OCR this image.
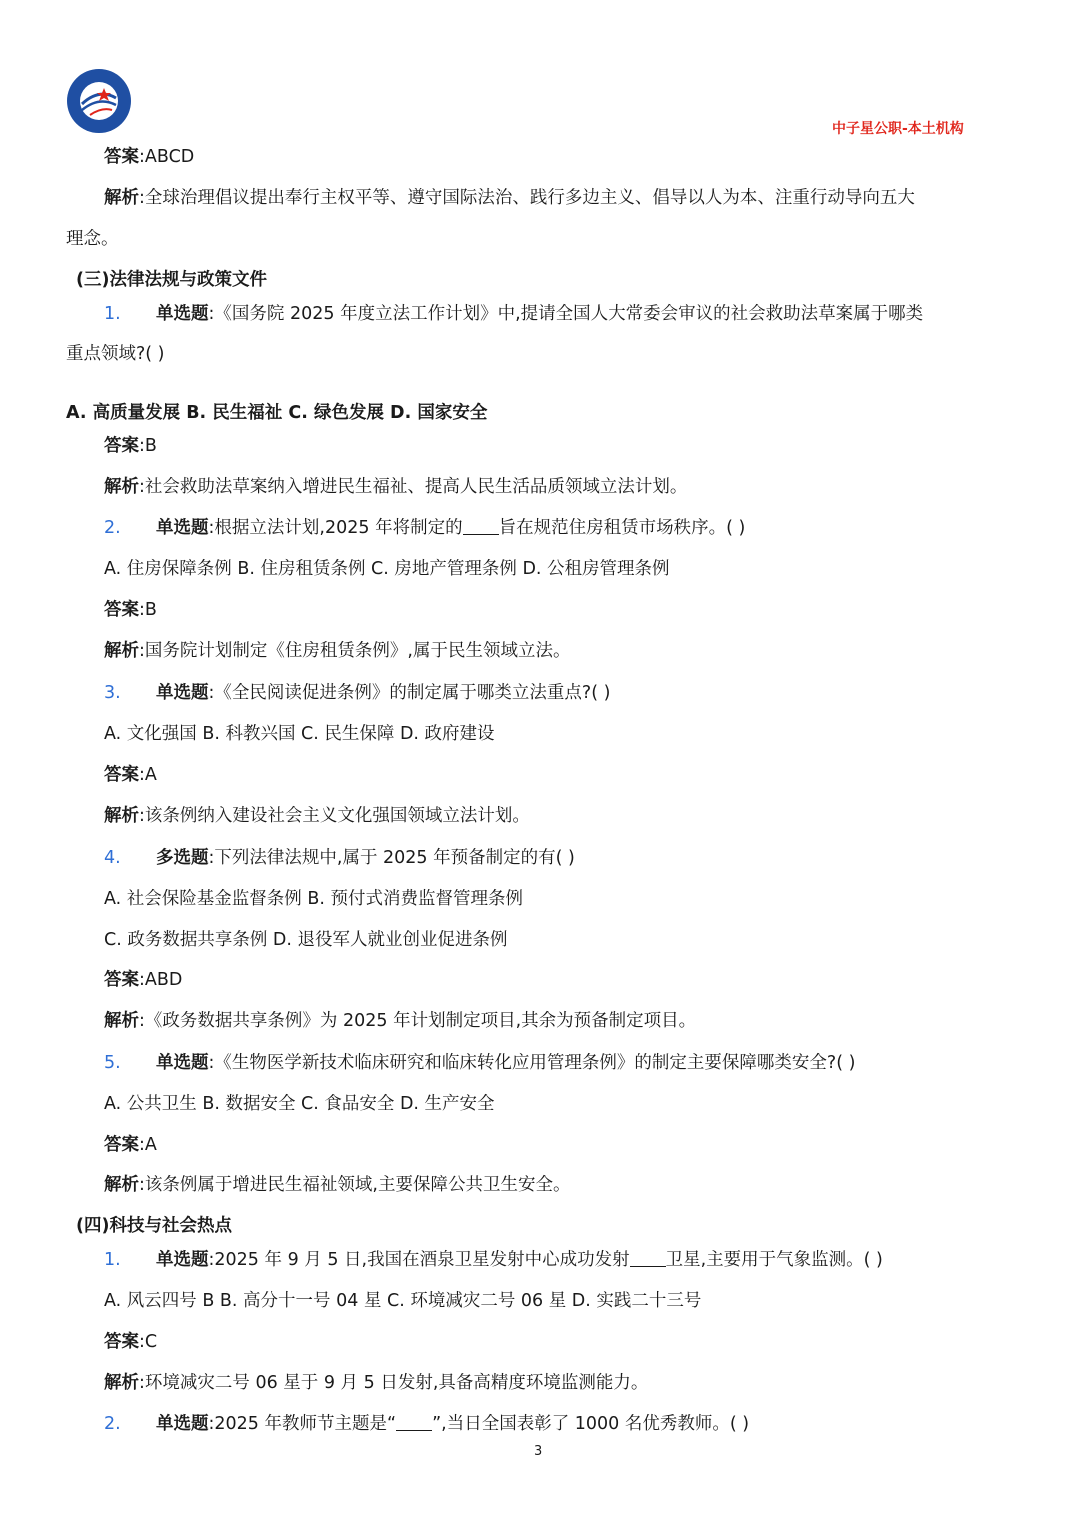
中子星公职-本土机构
答案:ABCD
解析:全球治理倡议提出奉行主权平等、遵守国际法治、践行多边主义、倡导以人为本、注重行动导向五大
理念。
(三)法律法规与政策文件
1. 单选题:《国务院 2025 年度立法工作计划》中,提请全国人大常委会审议的社会救助法草案属于哪类
重点领域?( )
A. 高质量发展 B. 民生福祉 C. 绿色发展 D. 国家安全
答案:B
解析:社会救助法草案纳入增进民生福祉、提高人民生活品质领域立法计划。
2. 单选题:根据立法计划,2025 年将制定的 旨在规范住房租赁市场秩序。( )
A. 住房保障条例 B. 住房租赁条例 C. 房地产管理条例 D. 公租房管理条例
答案:B
解析:国务院计划制定《住房租赁条例》,属于民生领域立法。
3. 单选题:《全民阅读促进条例》的制定属于哪类立法重点?( )
A. 文化强国 B. 科教兴国 C. 民生保障 D. 政府建设
答案:A
解析:该条例纳入建设社会主义文化强国领域立法计划。
4. 多选题:下列法律法规中,属于 2025 年预备制定的有( )
A. 社会保险基金监督条例 B. 预付式消费监督管理条例
C. 政务数据共享条例 D. 退役军人就业创业促进条例
答案:ABD
解析:《政务数据共享条例》为 2025 年计划制定项目,其余为预备制定项目。
5. 单选题:《生物医学新技术临床研究和临床转化应用管理条例》的制定主要保障哪类安全?( )
A. 公共卫生 B. 数据安全 C. 食品安全 D. 生产安全
答案:A
解析:该条例属于增进民生福祉领域,主要保障公共卫生安全。
(四)科技与社会热点
1. 单选题:2025 年 9 月 5 日,我国在酒泉卫星发射中心成功发射 卫星,主要用于气象监测。( )
A. 风云四号 B B. 高分十一号 04 星 C. 环境减灾二号 06 星 D. 实践二十三号
答案:C
解析:环境减灾二号 06 星于 9 月 5 日发射,具备高精度环境监测能力。
2. 单选题:2025 年教师节主题是“ ”,当日全国表彰了 1000 名优秀教师。( )
3
